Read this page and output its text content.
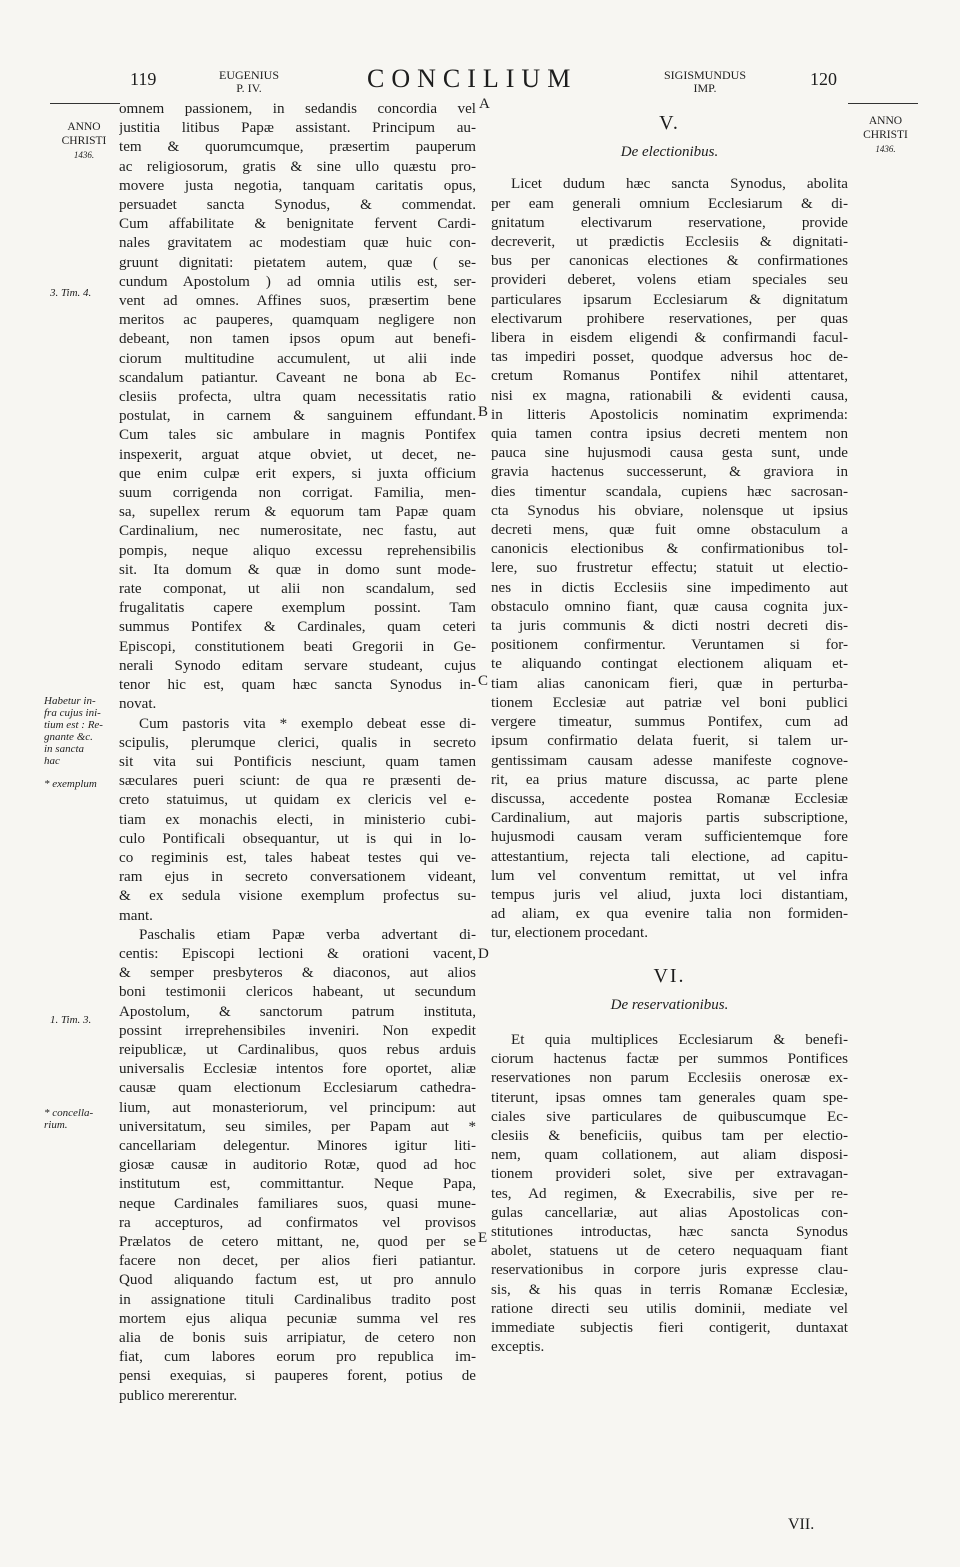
119	EUGENIUS
P. IV.	CONCILIUM	SIGISMUNDUS
IMP.	120
ANNO
CHRISTI
1436.
ANNO
CHRISTI
1436.
3. Tim. 4.
Habetur in-
fra cujus ini-
tium est : Re-
gnante &c.
in sancta
hac
* exemplum
1. Tim. 3.
* concella-
rium.
A
B
C
D
E
omnem passionem, in sedandis concordia vel
justitia litibus Papæ assistant. Principum au-
tem & quorumcumque, præsertim pauperum
ac religiosorum, gratis & sine ullo quæstu pro-
movere justa negotia, tanquam caritatis opus,
persuadet sancta Synodus, & commendat.
Cum affabilitate & benignitate fervent Cardi-
nales gravitatem ac modestiam quæ huic con-
gruunt dignitati: pietatem autem, quæ ( se-
cundum Apostolum ) ad omnia utilis est, ser-
vent ad omnes. Affines suos, præsertim bene
meritos ac pauperes, quamquam negligere non
debeant, non tamen ipsos opum aut benefi-
ciorum multitudine accumulent, ut alii inde
scandalum patiantur. Caveant ne bona ab Ec-
clesiis profecta, ultra quam necessitatis ratio
postulat, in carnem & sanguinem effundant.
Cum tales sic ambulare in magnis Pontifex
inspexerit, arguat atque obviet, ut decet, ne-
que enim culpæ erit expers, si juxta officium
suum corrigenda non corrigat. Familia, men-
sa, supellex rerum & equorum tam Papæ quam
Cardinalium, nec numerositate, nec fastu, aut
pompis, neque aliquo excessu reprehensibilis
sit. Ita domum & quæ in domo sunt mode-
rate componat, ut alii non scandalum, sed
frugalitatis capere exemplum possint. Tam
summus Pontifex & Cardinales, quam ceteri
Episcopi, constitutionem beati Gregorii in Ge-
nerali Synodo editam servare studeant, cujus
tenor hic est, quam hæc sancta Synodus in-
novat.
Cum pastoris vita * exemplo debeat esse di-
scipulis, plerumque clerici, qualis in secreto
sit vita sui Pontificis nesciunt, quam tamen
sæculares pueri sciunt: de qua re præsenti de-
creto statuimus, ut quidam ex clericis vel e-
tiam ex monachis electi, in ministerio cubi-
culo Pontificali obsequantur, ut is qui in lo-
co regiminis est, tales habeat testes qui ve-
ram ejus in secreto conversationem videant,
& ex sedula visione exemplum profectus su-
mant.
Paschalis etiam Papæ verba advertant di-
centis: Episcopi lectioni & orationi vacent,
& semper presbyteros & diaconos, aut alios
boni testimonii clericos habeant, ut secundum
Apostolum, & sanctorum patrum instituta,
possint irreprehensibiles inveniri. Non expedit
reipublicæ, ut Cardinalibus, quos rebus arduis
universalis Ecclesiæ intentos fore oportet, aliæ
causæ quam electionum Ecclesiarum cathedra-
lium, aut monasteriorum, vel principum: aut
universitatum, seu similes, per Papam aut *
cancellariam delegentur. Minores igitur liti-
giosæ causæ in auditorio Rotæ, quod ad hoc
institutum est, committantur. Neque Papa,
neque Cardinales familiares suos, quasi mune-
ra accepturos, ad confirmatos vel provisos
Prælatos de cetero mittant, ne, quod per se
facere non decet, per alios fieri patiantur.
Quod aliquando factum est, ut pro annulo
in assignatione tituli Cardinalibus tradito post
mortem ejus aliqua pecuniæ summa vel res
alia de bonis suis arripiatur, de cetero non
fiat, cum labores eorum pro republica im-
pensi exequias, si pauperes forent, potius de
publico mererentur.
V.
De electionibus.
Licet dudum hæc sancta Synodus, abolita
per eam generali omnium Ecclesiarum & di-
gnitatum electivarum reservatione, provide
decreverit, ut prædictis Ecclesiis & dignitati-
bus per canonicas electiones & confirmationes
provideri deberet, volens etiam speciales seu
particulares ipsarum Ecclesiarum & dignitatum
electivarum prohibere reservationes, per quas
libera in eisdem eligendi & confirmandi facul-
tas impediri posset, quodque adversus hoc de-
cretum Romanus Pontifex nihil attentaret,
nisi ex magna, rationabili & evidenti causa,
in litteris Apostolicis nominatim exprimenda:
quia tamen contra ipsius decreti mentem non
pauca sine hujusmodi causa gesta sunt, unde
gravia hactenus successerunt, & graviora in
dies timentur scandala, cupiens hæc sacrosan-
cta Synodus his obviare, nolensque ut ipsius
decreti mens, quæ fuit omne obstaculum a
canonicis electionibus & confirmationibus tol-
lere, suo frustretur effectu; statuit ut electio-
nes in dictis Ecclesiis sine impedimento aut
obstaculo omnino fiant, quæ causa cognita jux-
ta juris communis & dicti nostri decreti dis-
positionem confirmentur. Veruntamen si for-
te aliquando contingat electionem aliquam et-
tiam alias canonicam fieri, quæ in perturba-
tionem Ecclesiæ aut patriæ vel boni publici
vergere timeatur, summus Pontifex, cum ad
ipsum confirmatio delata fuerit, si talem ur-
gentissimam causam adesse manifeste cognove-
rit, ea prius mature discussa, ac parte plene
discussa, accedente postea Romanæ Ecclesiæ
Cardinalium, aut majoris partis subscriptione,
hujusmodi causam veram sufficientemque fore
attestantium, rejecta tali electione, ad capitu-
lum vel conventum remittat, ut vel infra
tempus juris vel aliud, juxta loci distantiam,
ad aliam, ex qua evenire talia non formiden-
tur, electionem procedant.
VI.
De reservationibus.
Et quia multiplices Ecclesiarum & benefi-
ciorum hactenus factæ per summos Pontifices
reservationes non parum Ecclesiis onerosæ ex-
titerunt, ipsas omnes tam generales quam spe-
ciales sive particulares de quibuscumque Ec-
clesiis & beneficiis, quibus tam per electio-
nem, quam collationem, aut aliam disposi-
tionem provideri solet, sive per extravagan-
tes, Ad regimen, & Execrabilis, sive per re-
gulas cancellariæ, aut alias Apostolicas con-
stitutiones introductas, hæc sancta Synodus
abolet, statuens ut de cetero nequaquam fiant
reservationibus in corpore juris expresse clau-
sis, & his quas in terris Romanæ Ecclesiæ,
ratione directi seu utilis dominii, mediate vel
immediate subjectis fieri contigerit, duntaxat
exceptis.
VII.
